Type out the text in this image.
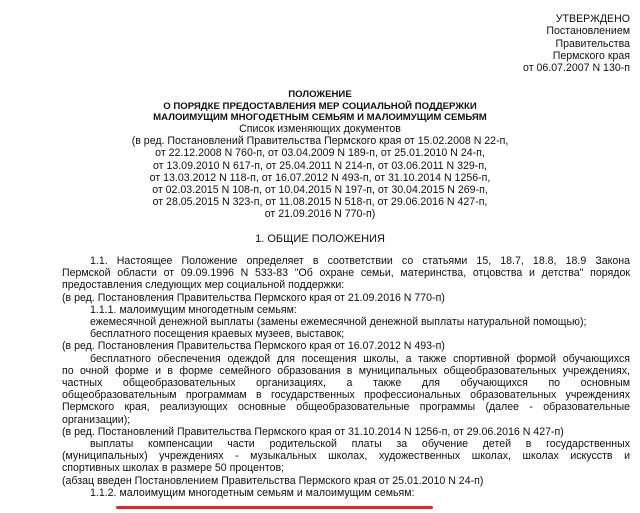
УТВЕРЖДЕНО
Постановлением
Правительства
Пермского края
от 06.07.2007 N 130-п
ПОЛОЖЕНИЕ
О ПОРЯДКЕ ПРЕДОСТАВЛЕНИЯ МЕР СОЦИАЛЬНОЙ ПОДДЕРЖКИ
МАЛОИМУЩИМ МНОГОДЕТНЫМ СЕМЬЯМ И МАЛОИМУЩИМ СЕМЬЯМ
Список изменяющих документов
(в ред. Постановлений Правительства Пермского края от 15.02.2008 N 22-п,
от 22.12.2008 N 760-п, от 03.04.2009 N 189-п, от 25.01.2010 N 24-п,
от 13.09.2010 N 617-п, от 25.04.2011 N 214-п, от 03.06.2011 N 329-п,
от 13.03.2012 N 118-п, от 16.07.2012 N 493-п, от 31.10.2014 N 1256-п,
от 02.03.2015 N 108-п, от 10.04.2015 N 197-п, от 30.04.2015 N 269-п,
от 28.05.2015 N 323-п, от 11.08.2015 N 518-п, от 29.06.2016 N 427-п,
от 21.09.2016 N 770-п)
1. ОБЩИЕ ПОЛОЖЕНИЯ

1.1. Настоящее Положение определяет в соответствии со статьями 15, 18.7, 18.8, 18.9 Закона

Пермской области от 09.09.1996 N 533-83 "Об охране семьи, материнства, отцовства и детства" порядок

предоставления следующих мер социальной поддержки:

(в ред. Постановления Правительства Пермского края от 21.09.2016 N 770-п)

1.1.1. малоимущим многодетным семьям:

ежемесячной денежной выплаты (замены ежемесячной денежной выплаты натуральной помощью);

бесплатного посещения краевых музеев, выставок;

(в ред. Постановления Правительства Пермского края от 16.07.2012 N 493-п)

бесплатного обеспечения одеждой для посещения школы, а также спортивной формой обучающихся

по очной форме и в форме семейного образования в муниципальных общеобразовательных учреждениях,

частных общеобразовательных организациях, а также для обучающихся по основным

общеобразовательным программам в государственных профессиональных образовательных учреждениях

Пермского края, реализующих основные общеобразовательные программы (далее - образовательные

организации);

(в ред. Постановлений Правительства Пермского края от 31.10.2014 N 1256-п, от 29.06.2016 N 427-п)

выплаты компенсации части родительской платы за обучение детей в государственных

(муниципальных) учреждениях - музыкальных школах, художественных школах, школах искусств и

спортивных школах в размере 50 процентов;

(абзац введен Постановлением Правительства Пермского края от 25.01.2010 N 24-п)

1.1.2. малоимущим многодетным семьям и малоимущим семьям:
